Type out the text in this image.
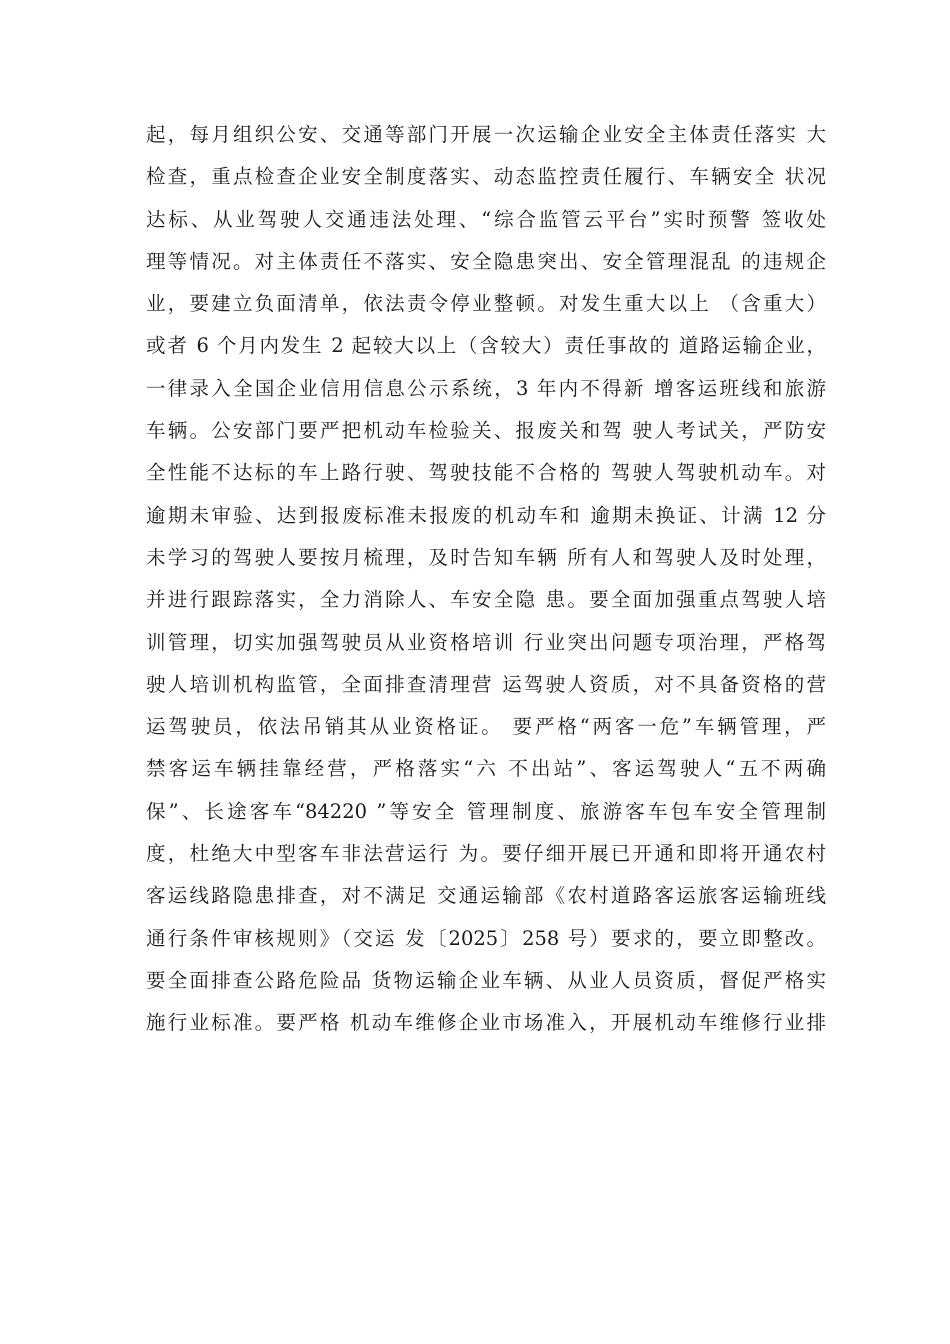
起，每月组织公安、交通等部门开展一次运输企业安全主体责任落实 大
检查，重点检查企业安全制度落实、动态监控责任履行、车辆安全 状况
达标、从业驾驶人交通违法处理、“综合监管云平台”实时预警 签收处
理等情况。对主体责任不落实、安全隐患突出、安全管理混乱 的违规企
业，要建立负面清单，依法责令停业整顿。对发生重大以上 （含重大）
或者 6 个月内发生 2 起较大以上（含较大）责任事故的 道路运输企业，
一律录入全国企业信用信息公示系统，3 年内不得新 增客运班线和旅游
车辆。公安部门要严把机动车检验关、报废关和驾 驶人考试关，严防安
全性能不达标的车上路行驶、驾驶技能不合格的 驾驶人驾驶机动车。对
逾期未审验、达到报废标准未报废的机动车和 逾期未换证、计满 12 分
未学习的驾驶人要按月梳理，及时告知车辆 所有人和驾驶人及时处理，
并进行跟踪落实，全力消除人、车安全隐 患。要全面加强重点驾驶人培
训管理，切实加强驾驶员从业资格培训 行业突出问题专项治理，严格驾
驶人培训机构监管，全面排查清理营 运驾驶人资质，对不具备资格的营
运驾驶员，依法吊销其从业资格证。 要严格“两客一危”车辆管理，严
禁客运车辆挂靠经营，严格落实“六 不出站”、客运驾驶人“五不两确
保”、长途客车“84220 ”等安全 管理制度、旅游客车包车安全管理制
度，杜绝大中型客车非法营运行 为。要仔细开展已开通和即将开通农村
客运线路隐患排查，对不满足 交通运输部《农村道路客运旅客运输班线
通行条件审核规则》（交运 发〔2025〕258 号）要求的，要立即整改。
要全面排查公路危险品 货物运输企业车辆、从业人员资质，督促严格实
施行业标准。要严格 机动车维修企业市场准入，开展机动车维修行业排
